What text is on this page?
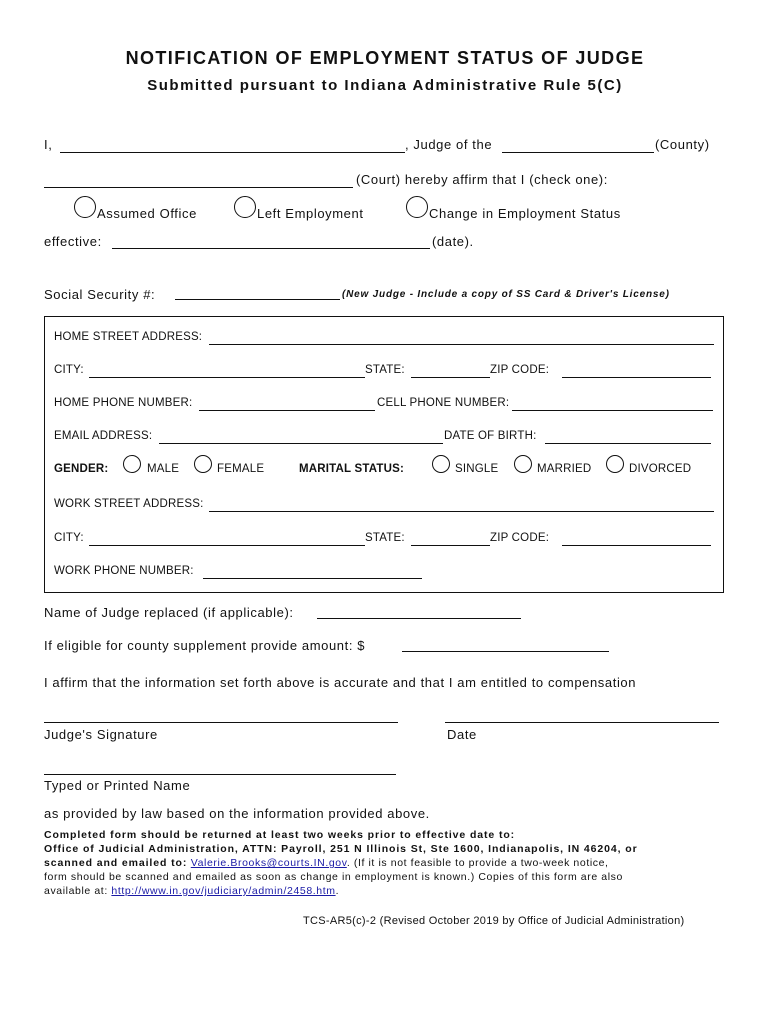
NOTIFICATION OF EMPLOYMENT STATUS OF JUDGE
Submitted pursuant to Indiana Administrative Rule 5(C)
I,	, Judge of the	(County)
(Court) hereby affirm that I (check one):
Assumed Office	Left Employment	Change in Employment Status
effective:	(date).
Social Security #:	(New Judge - Include a copy of SS Card & Driver's License)
HOME STREET ADDRESS:
CITY:	STATE:	ZIP CODE:
HOME PHONE NUMBER:	CELL PHONE NUMBER:
EMAIL ADDRESS:	DATE OF BIRTH:
GENDER:	MALE	FEMALE	MARITAL STATUS:	SINGLE	MARRIED	DIVORCED
WORK STREET ADDRESS:
CITY:	STATE:	ZIP CODE:
WORK PHONE NUMBER:
Name of Judge replaced (if applicable):
If eligible for county supplement provide amount: $
I affirm that the information set forth above is accurate and that I am entitled to compensation
Judge's Signature	Date
Typed or Printed Name
as provided by law based on the information provided above.
Completed form should be returned at least two weeks prior to effective date to:
Office of Judicial Administration, ATTN: Payroll, 251 N Illinois St, Ste 1600, Indianapolis, IN 46204, or
scanned and emailed to: Valerie.Brooks@courts.IN.gov. (If it is not feasible to provide a two-week notice,
form should be scanned and emailed as soon as change in employment is known.) Copies of this form are also
available at: http://www.in.gov/judiciary/admin/2458.htm.
TCS-AR5(c)-2 (Revised October 2019 by Office of Judicial Administration)
